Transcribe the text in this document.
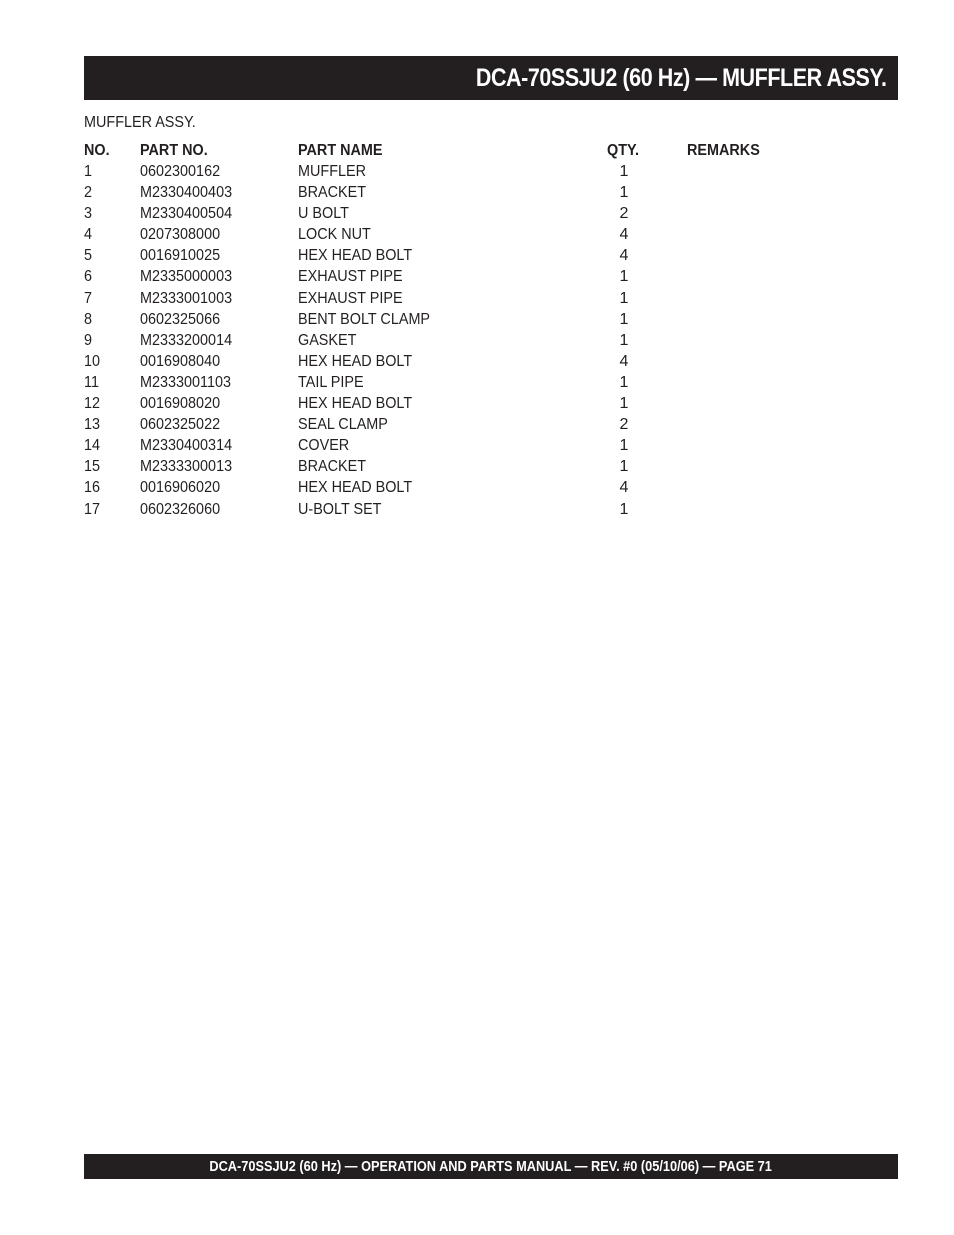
DCA-70SSJU2 (60 Hz) — MUFFLER ASSY.
MUFFLER ASSY.
NO. PART NO.	PART NAME	QTY.	REMARKS
1	0602300162	MUFFLER	1
2	M2330400403	BRACKET	1
3	M2330400504	U BOLT	2
4	0207308000	LOCK NUT	4
5	0016910025	HEX HEAD BOLT	4
6	M2335000003	EXHAUST PIPE	1
7	M2333001003	EXHAUST PIPE	1
8	0602325066	BENT BOLT CLAMP	1
9	M2333200014	GASKET	1
10 0016908040	HEX HEAD BOLT	4
11	M2333001103	TAIL PIPE	1
12 0016908020	HEX HEAD BOLT	1
13 0602325022	SEAL CLAMP	2
14 M2330400314	COVER	1
15 M2333300013	BRACKET	1
16 0016906020	HEX HEAD BOLT	4
17 0602326060	U-BOLT SET	1
DCA-70SSJU2 (60 Hz) — OPERATION AND PARTS MANUAL — REV. #0 (05/10/06) — PAGE 71
